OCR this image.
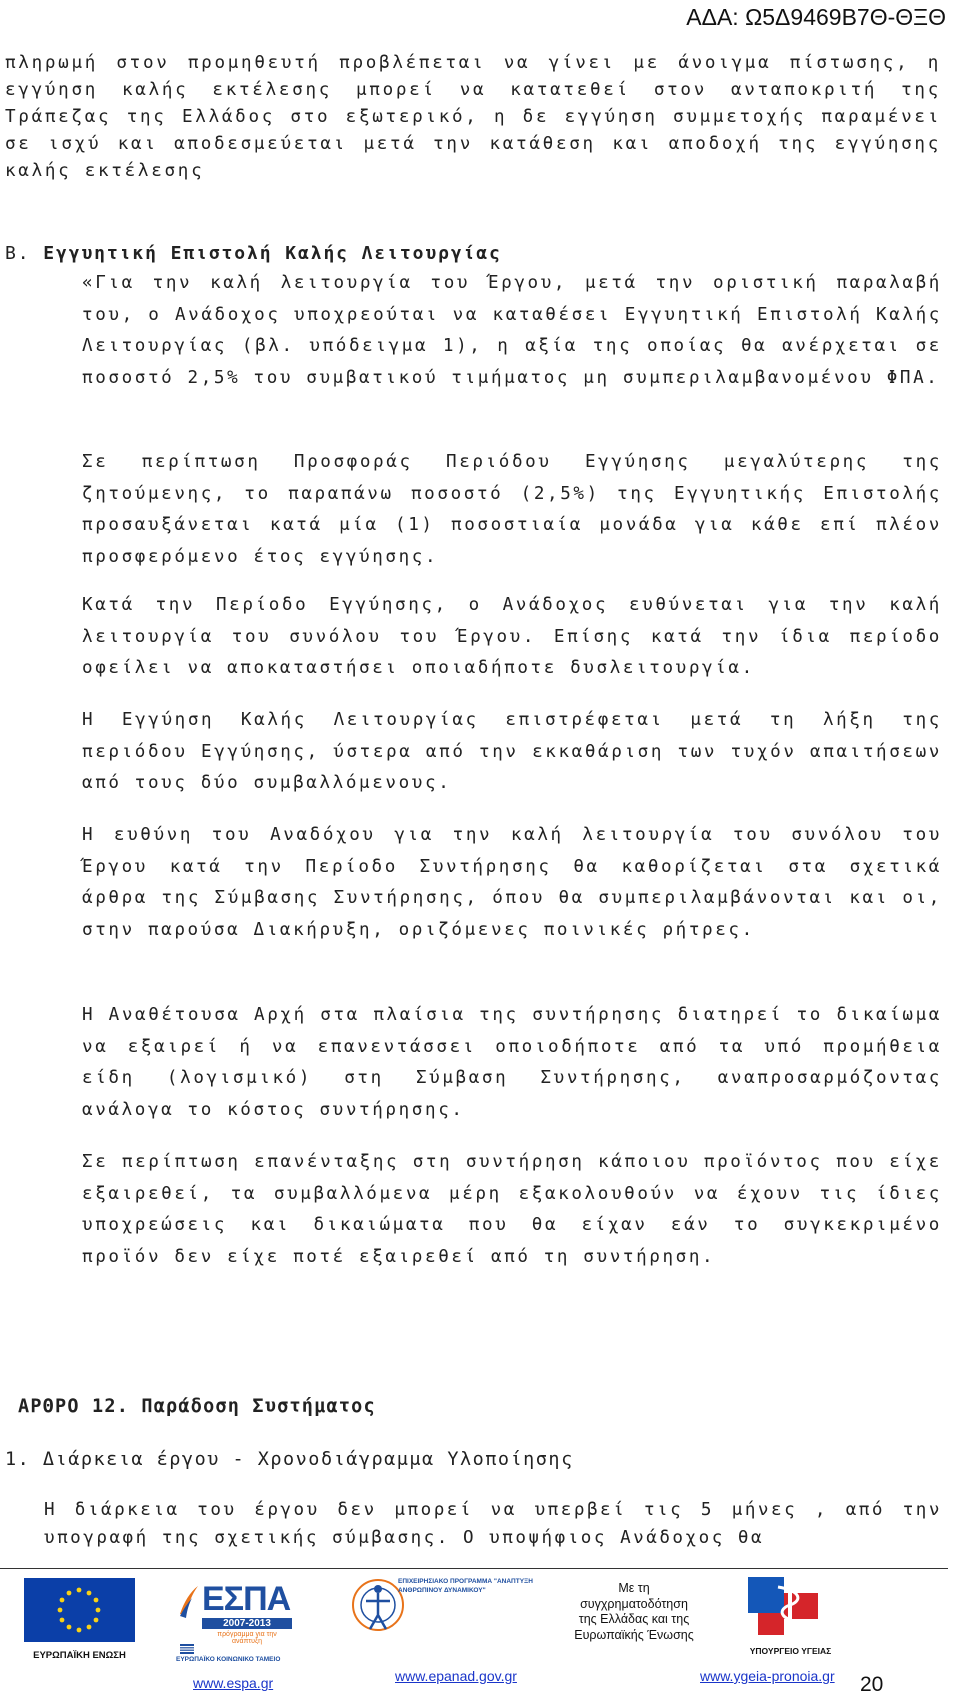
ΑΔΑ: Ω5Δ9469Β7Θ-ΘΞΘ
πληρωμή στον προμηθευτή προβλέπεται να γίνει με άνοιγμα πίστωσης, η εγγύηση καλής εκτέλεσης μπορεί να κατατεθεί στον ανταποκριτή της Τράπεζας της Ελλάδος στο εξωτερικό, η δε εγγύηση συμμετοχής παραμένει σε ισχύ και αποδεσμεύεται μετά την κατάθεση και αποδοχή της εγγύησης καλής εκτέλεσης
Β. Εγγυητική Επιστολή Καλής Λειτουργίας
«Για την καλή λειτουργία του Έργου, μετά την οριστική παραλαβή του, ο Ανάδοχος υποχρεούται να καταθέσει Εγγυητική Επιστολή Καλής Λειτουργίας (βλ. υπόδειγμα 1), η αξία της οποίας θα ανέρχεται σε ποσοστό 2,5% του συμβατικού τιμήματος μη συμπεριλαμβανομένου ΦΠΑ.
Σε περίπτωση Προσφοράς Περιόδου Εγγύησης μεγαλύτερης της ζητούμενης, το παραπάνω ποσοστό (2,5%) της Εγγυητικής Επιστολής προσαυξάνεται κατά μία (1) ποσοστιαία μονάδα για κάθε επί πλέον προσφερόμενο έτος εγγύησης.
Κατά την Περίοδο Εγγύησης, ο Ανάδοχος ευθύνεται για την καλή λειτουργία του συνόλου του Έργου. Επίσης κατά την ίδια περίοδο οφείλει να αποκαταστήσει οποιαδήποτε δυσλειτουργία.
Η Εγγύηση Καλής Λειτουργίας επιστρέφεται μετά τη λήξη της περιόδου Εγγύησης, ύστερα από την εκκαθάριση των τυχόν απαιτήσεων από τους δύο συμβαλλόμενους.
Η ευθύνη του Αναδόχου για την καλή λειτουργία του συνόλου του Έργου κατά την Περίοδο Συντήρησης θα καθορίζεται στα σχετικά άρθρα της Σύμβασης Συντήρησης, όπου θα συμπεριλαμβάνονται και οι, στην παρούσα Διακήρυξη, οριζόμενες ποινικές ρήτρες.
Η Αναθέτουσα Αρχή στα πλαίσια της συντήρησης διατηρεί το δικαίωμα να εξαιρεί ή να επανεντάσσει οποιοδήποτε από τα υπό προμήθεια είδη (λογισμικό) στη Σύμβαση Συντήρησης, αναπροσαρμόζοντας ανάλογα το κόστος συντήρησης.
Σε περίπτωση επανένταξης στη συντήρηση κάποιου προϊόντος που είχε εξαιρεθεί, τα συμβαλλόμενα μέρη εξακολουθούν να έχουν τις ίδιες υποχρεώσεις και δικαιώματα που θα είχαν εάν το συγκεκριμένο προϊόν δεν είχε ποτέ εξαιρεθεί από τη συντήρηση.
ΑΡΘΡΟ 12. Παράδοση Συστήματος
1. Διάρκεια έργου - Χρονοδιάγραμμα Υλοποίησης
Η διάρκεια του έργου δεν μπορεί να υπερβεί τις 5 μήνες , από την υπογραφή της σχετικής σύμβασης. Ο υποψήφιος Ανάδοχος θα
ΕΥΡΩΠΑΪΚΗ ΕΝΩΣΗ
ΕΣΠΑ
2007-2013
πρόγραμμα για την ανάπτυξη
ΕΥΡΩΠΑΪΚΟ ΚΟΙΝΩΝΙΚΟ ΤΑΜΕΙΟ
ΕΠΙΧΕΙΡΗΣΙΑΚΟ ΠΡΟΓΡΑΜΜΑ "ΑΝΑΠΤΥΞΗ ΑΝΘΡΩΠΙΝΟΥ ΔΥΝΑΜΙΚΟΥ"	Με τη συγχρηματοδότηση της Ελλάδας και της Ευρωπαϊκής Ένωσης
ΥΠΟΥΡΓΕΙΟ ΥΓΕΙΑΣ
www.espa.gr	www.epanad.gov.gr	www.ygeia-pronoia.gr 20
